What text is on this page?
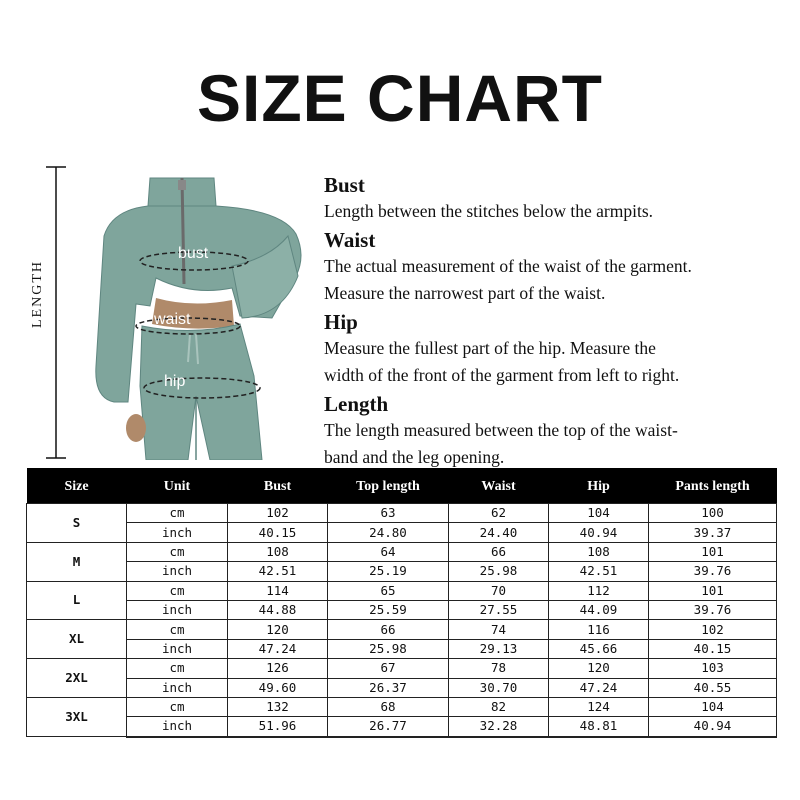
SIZE CHART
LENGTH
bust
waist
hip
Bust

Length between the stitches below the armpits.

Waist

The actual measurement of the waist of the garment.
Measure the narrowest part of the waist.

Hip

Measure the fullest part of the hip. Measure the
width of the front of the garment from left to right.

Length

The length measured between the top of the waist-
band and the leg opening.

Size	Unit	Bust	Top length	Waist	Hip	Pants length
S	cm	102	63	62	104	100
	inch	40.15	24.80	24.40	40.94	39.37
M	cm	108	64	66	108	101
	inch	42.51	25.19	25.98	42.51	39.76
L	cm	114	65	70	112	101
	inch	44.88	25.59	27.55	44.09	39.76
XL	cm	120	66	74	116	102
	inch	47.24	25.98	29.13	45.66	40.15
2XL	cm	126	67	78	120	103
	inch	49.60	26.37	30.70	47.24	40.55
3XL	cm	132	68	82	124	104
	inch	51.96	26.77	32.28	48.81	40.94
